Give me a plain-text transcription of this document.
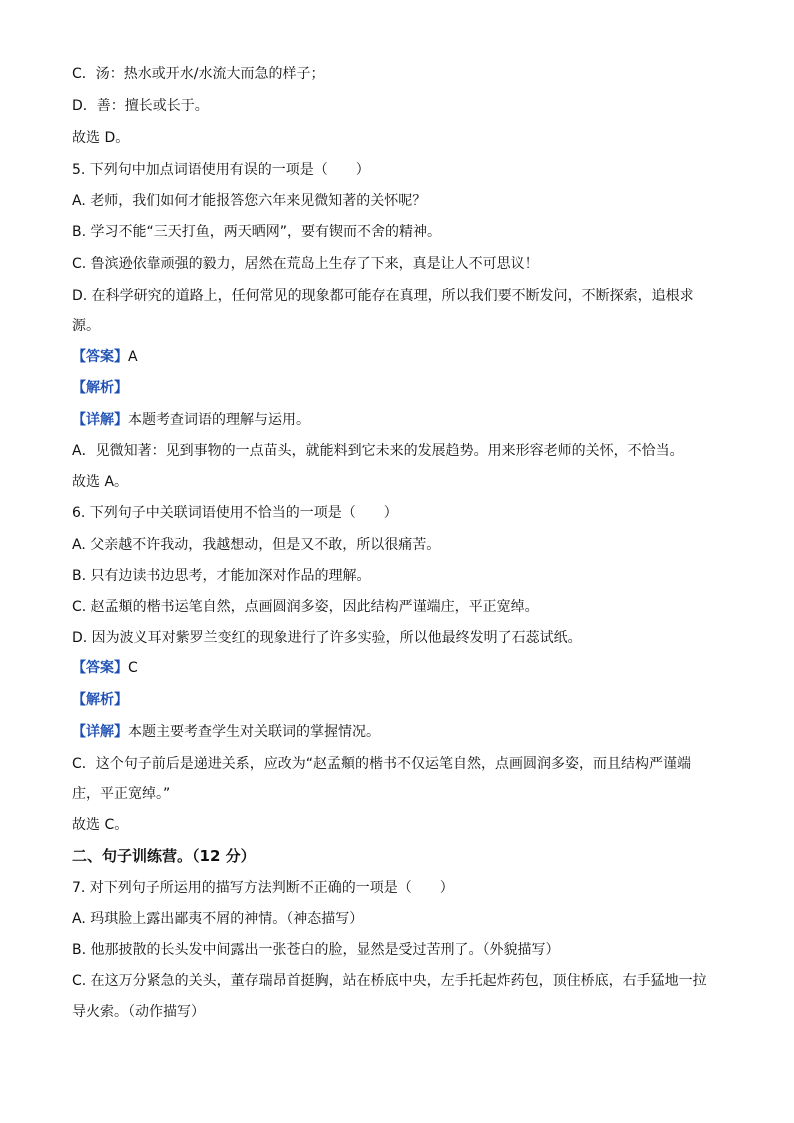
C．汤：热水或开水/水流大而急的样子；
D．善：擅长或长于。
故选 D。
5. 下列句中加点词语使用有误的一项是（　　）
A. 老师，我们如何才能报答您六年来见微知著的关怀呢？
B. 学习不能“三天打鱼，两天晒网”，要有锲而不舍的精神。
C. 鲁滨逊依靠顽强的毅力，居然在荒岛上生存了下来，真是让人不可思议！
D. 在科学研究的道路上，任何常见的现象都可能存在真理，所以我们要不断发问，不断探索，追根求
源。
【答案】A
【解析】
【详解】本题考查词语的理解与运用。
A．见微知著：见到事物的一点苗头，就能料到它未来的发展趋势。用来形容老师的关怀，不恰当。
故选 A。
6. 下列句子中关联词语使用不恰当的一项是（　　）
A. 父亲越不许我动，我越想动，但是又不敢，所以很痛苦。
B. 只有边读书边思考，才能加深对作品的理解。
C. 赵孟頫的楷书运笔自然，点画圆润多姿，因此结构严谨端庄，平正宽绰。
D. 因为波义耳对紫罗兰变红的现象进行了许多实验，所以他最终发明了石蕊试纸。
【答案】C
【解析】
【详解】本题主要考查学生对关联词的掌握情况。
C．这个句子前后是递进关系，应改为“赵孟頫的楷书不仅运笔自然，点画圆润多姿，而且结构严谨端
庄，平正宽绰。”
故选 C。
二、句子训练营。（12 分）
7. 对下列句子所运用的描写方法判断不正确的一项是（　　）
A. 玛琪脸上露出鄙夷不屑的神情。（神态描写）
B. 他那披散的长头发中间露出一张苍白的脸，显然是受过苦刑了。（外貌描写）
C. 在这万分紧急的关头，董存瑞昂首挺胸，站在桥底中央，左手托起炸药包，顶住桥底，右手猛地一拉
导火索。（动作描写）
